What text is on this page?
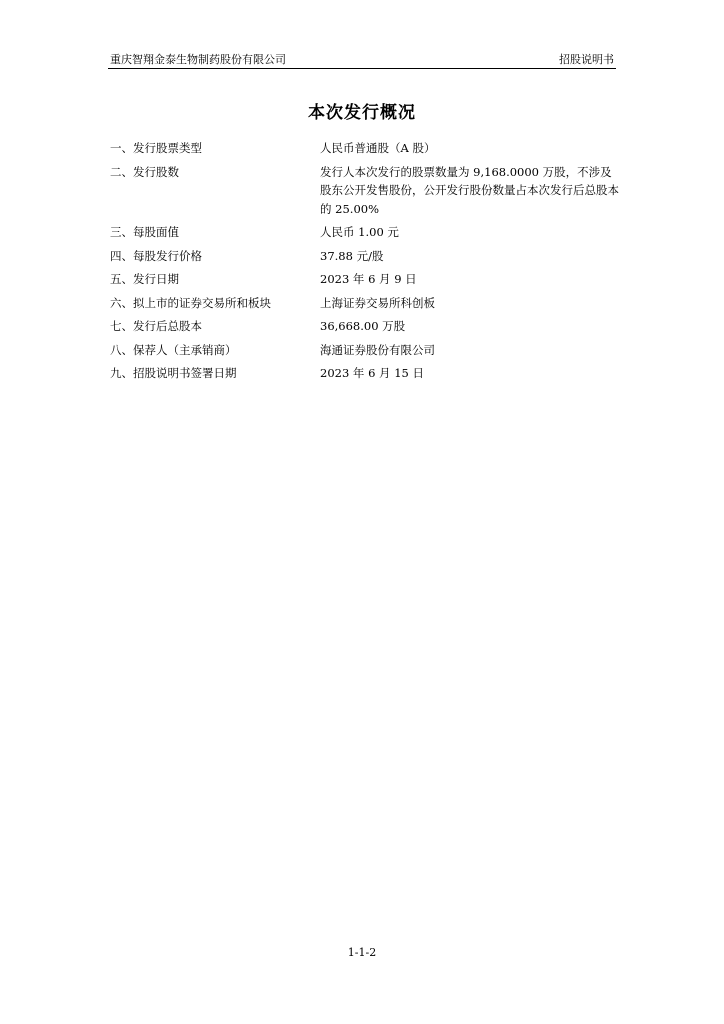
重庆智翔金泰生物制药股份有限公司	招股说明书
本次发行概况
一、发行股票类型	人民币普通股（A 股）
二、发行股数	发行人本次发行的股票数量为 9,168.0000 万股，不涉及股东公开发售股份，公开发行股份数量占本次发行后总股本的 25.00%
三、每股面值	人民币 1.00 元
四、每股发行价格	37.88 元/股
五、发行日期	2023 年 6 月 9 日
六、拟上市的证券交易所和板块	上海证券交易所科创板
七、发行后总股本	36,668.00 万股
八、保荐人（主承销商）	海通证券股份有限公司
九、招股说明书签署日期	2023 年 6 月 15 日
1-1-2
